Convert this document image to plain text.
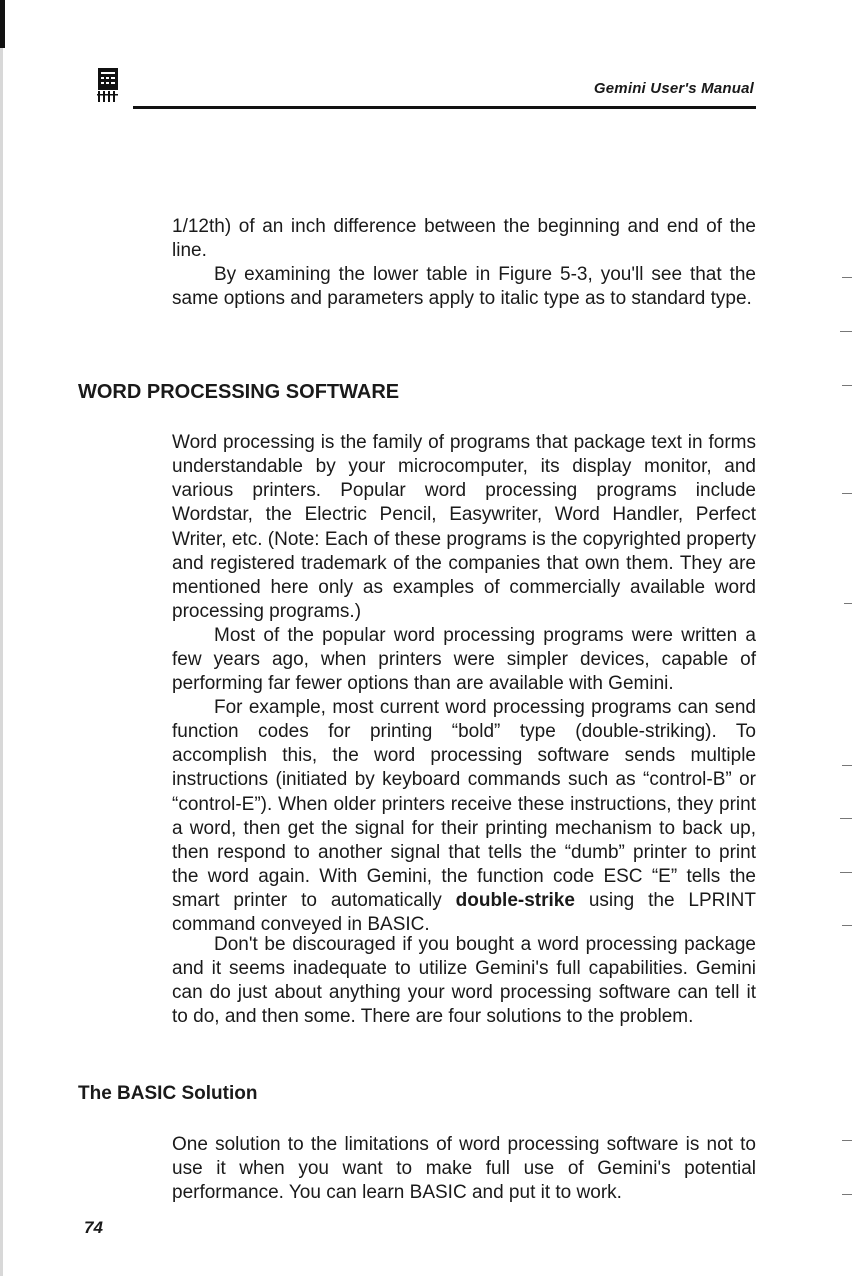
Gemini User's Manual

1/12th) of an inch difference between the beginning and end of the line.

By examining the lower table in Figure 5-3, you'll see that the same options and parameters apply to italic type as to standard type.

WORD PROCESSING SOFTWARE

Word processing is the family of programs that package text in forms understandable by your microcomputer, its display monitor, and various printers. Popular word processing programs include Wordstar, the Electric Pencil, Easywriter, Word Handler, Perfect Writer, etc. (Note: Each of these programs is the copyrighted property and registered trademark of the companies that own them. They are mentioned here only as examples of commercially available word processing programs.)

Most of the popular word processing programs were written a few years ago, when printers were simpler devices, capable of performing far fewer options than are available with Gemini.

For example, most current word processing programs can send function codes for printing “bold” type (double-striking). To accomplish this, the word processing software sends multiple instructions (initiated by keyboard commands such as “control-B” or “control-E”). When older printers receive these instructions, they print a word, then get the signal for their printing mechanism to back up, then respond to another signal that tells the “dumb” printer to print the word again. With Gemini, the function code ESC “E” tells the smart printer to automatically double-strike using the LPRINT command conveyed in BASIC.

Don't be discouraged if you bought a word processing package and it seems inadequate to utilize Gemini's full capabilities. Gemini can do just about anything your word processing software can tell it to do, and then some. There are four solutions to the problem.

The BASIC Solution

One solution to the limitations of word processing software is not to use it when you want to make full use of Gemini's potential performance. You can learn BASIC and put it to work.

74
